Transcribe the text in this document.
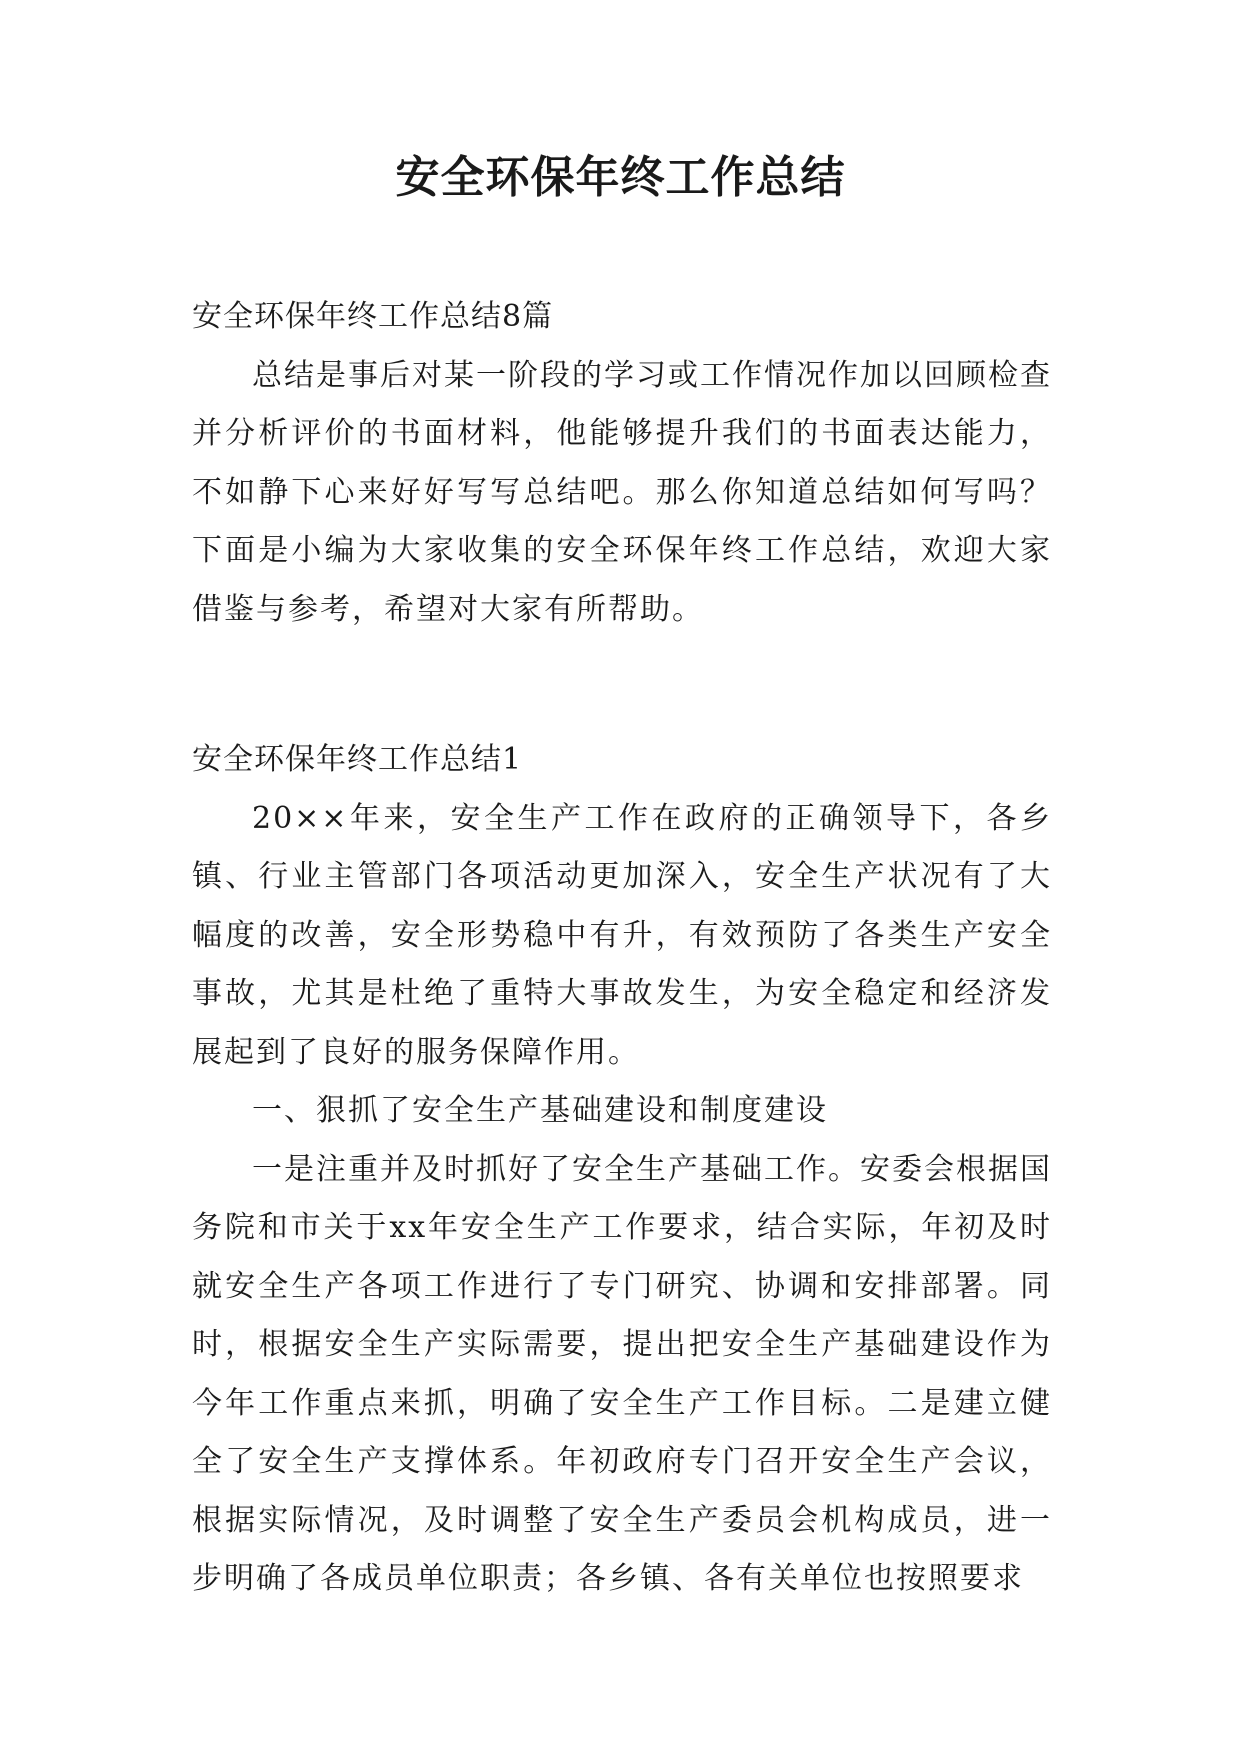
安全环保年终工作总结

安全环保年终工作总结8篇

总结是事后对某一阶段的学习或工作情况作加以回顾检查并分析评价的书面材料，他能够提升我们的书面表达能力，不如静下心来好好写写总结吧。那么你知道总结如何写吗？下面是小编为大家收集的安全环保年终工作总结，欢迎大家借鉴与参考，希望对大家有所帮助。

安全环保年终工作总结1

20××年来，安全生产工作在政府的正确领导下，各乡镇、行业主管部门各项活动更加深入，安全生产状况有了大幅度的改善，安全形势稳中有升，有效预防了各类生产安全事故，尤其是杜绝了重特大事故发生，为安全稳定和经济发展起到了良好的服务保障作用。

一、狠抓了安全生产基础建设和制度建设

一是注重并及时抓好了安全生产基础工作。安委会根据国务院和市关于xx年安全生产工作要求，结合实际，年初及时就安全生产各项工作进行了专门研究、协调和安排部署。同时，根据安全生产实际需要，提出把安全生产基础建设作为今年工作重点来抓，明确了安全生产工作目标。二是建立健全了安全生产支撑体系。年初政府专门召开安全生产会议，根据实际情况，及时调整了安全生产委员会机构成员，进一步明确了各成员单位职责；各乡镇、各有关单位也按照要求
